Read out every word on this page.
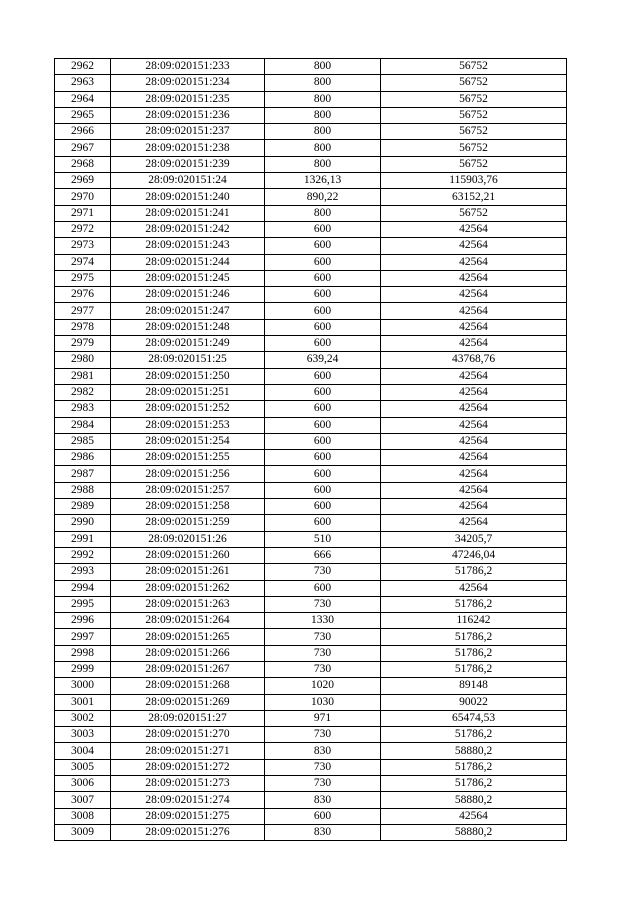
2962	28:09:020151:233	800	56752
2963	28:09:020151:234	800	56752
2964	28:09:020151:235	800	56752
2965	28:09:020151:236	800	56752
2966	28:09:020151:237	800	56752
2967	28:09:020151:238	800	56752
2968	28:09:020151:239	800	56752
2969	28:09:020151:24	1326,13	115903,76
2970	28:09:020151:240	890,22	63152,21
2971	28:09:020151:241	800	56752
2972	28:09:020151:242	600	42564
2973	28:09:020151:243	600	42564
2974	28:09:020151:244	600	42564
2975	28:09:020151:245	600	42564
2976	28:09:020151:246	600	42564
2977	28:09:020151:247	600	42564
2978	28:09:020151:248	600	42564
2979	28:09:020151:249	600	42564
2980	28:09:020151:25	639,24	43768,76
2981	28:09:020151:250	600	42564
2982	28:09:020151:251	600	42564
2983	28:09:020151:252	600	42564
2984	28:09:020151:253	600	42564
2985	28:09:020151:254	600	42564
2986	28:09:020151:255	600	42564
2987	28:09:020151:256	600	42564
2988	28:09:020151:257	600	42564
2989	28:09:020151:258	600	42564
2990	28:09:020151:259	600	42564
2991	28:09:020151:26	510	34205,7
2992	28:09:020151:260	666	47246,04
2993	28:09:020151:261	730	51786,2
2994	28:09:020151:262	600	42564
2995	28:09:020151:263	730	51786,2
2996	28:09:020151:264	1330	116242
2997	28:09:020151:265	730	51786,2
2998	28:09:020151:266	730	51786,2
2999	28:09:020151:267	730	51786,2
3000	28:09:020151:268	1020	89148
3001	28:09:020151:269	1030	90022
3002	28:09:020151:27	971	65474,53
3003	28:09:020151:270	730	51786,2
3004	28:09:020151:271	830	58880,2
3005	28:09:020151:272	730	51786,2
3006	28:09:020151:273	730	51786,2
3007	28:09:020151:274	830	58880,2
3008	28:09:020151:275	600	42564
3009	28:09:020151:276	830	58880,2
